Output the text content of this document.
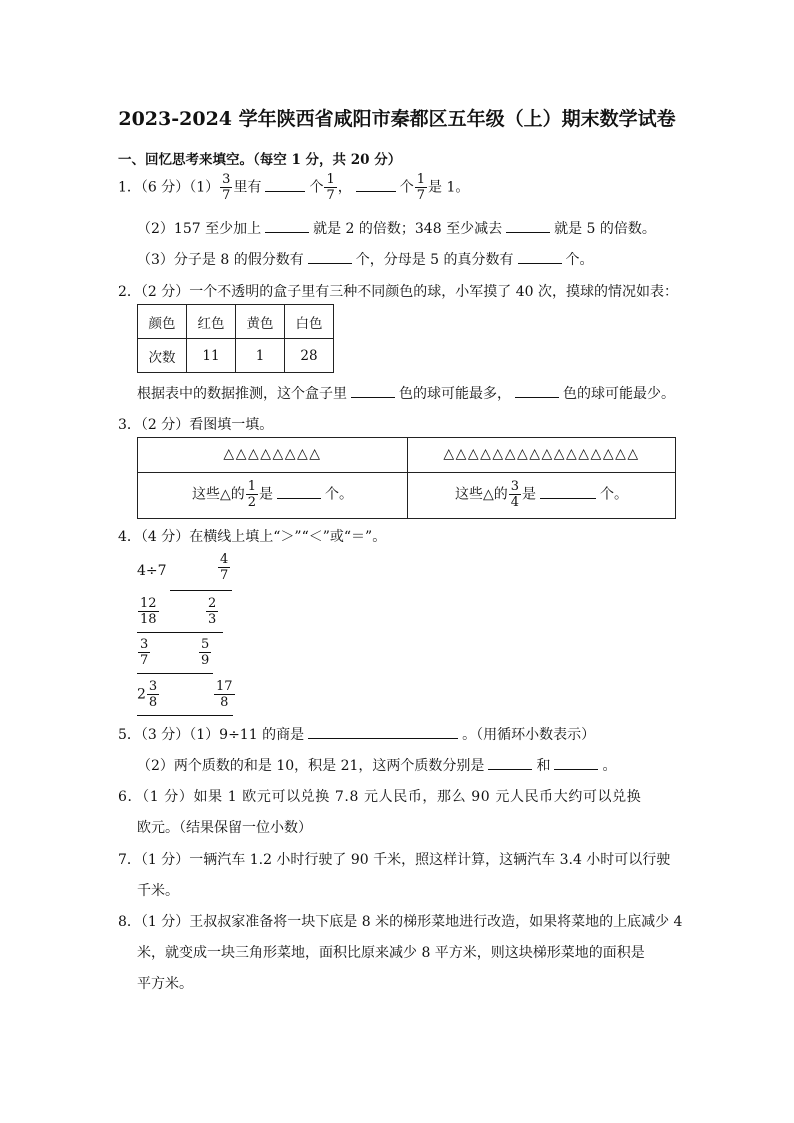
2023-2024 学年陕西省咸阳市秦都区五年级（上）期末数学试卷
一、回忆思考来填空。（每空 1 分，共 20 分）
1．（6 分）$(1) \frac{3}{7}$ 里有	个 $\frac{1}{7}$ ，	个 $\frac{1}{7}$ 是 1。
（2）157 至少加上	就是 2 的倍数；348 至少减去	就是 5 的倍数。
（3）分子是 8 的假分数有	个，分母是 5 的真分数有	个。
2．（2 分）一个不透明的盒子里有三种不同颜色的球，小军摸了 40 次，摸球的情况如表：
颜色	红色	黄色	白色
次数	11	1	28
根据表中的数据推测，这个盒子里	色的球可能最多，	色的球可能最少。
3．（2 分）看图填一填。
△△△△△△△△	△△△△△△△△△△△△△△△△
这些△的 $\frac{1}{2}$ 是	个。	这些△的 $\frac{3}{4}$ 是	个。
4．（4 分）在横线上填上“＞”“＜”或“＝”。
4÷7	$\frac{4}{7}$
$\frac{12}{18}$	$\frac{2}{3}$
$\frac{3}{7}$	$\frac{5}{9}$
$2 \frac{3}{8}$	$\frac{17}{8}$
5．（3 分）（1）9÷11 的商是	。（用循环小数表示）
（2）两个质数的和是 10，积是 21，这两个质数分别是	和	。
6．（1 分）如果 1 欧元可以兑换 7.8 元人民币，那么 90 元人民币大约可以兑换
欧元。（结果保留一位小数）
7．（1 分）一辆汽车 1.2 小时行驶了 90 千米，照这样计算，这辆汽车 3.4 小时可以行驶
千米。
8．（1 分）王叔叔家准备将一块下底是 8 米的梯形菜地进行改造，如果将菜地的上底减少 4
米，就变成一块三角形菜地，面积比原来减少 8 平方米，则这块梯形菜地的面积是
平方米。
